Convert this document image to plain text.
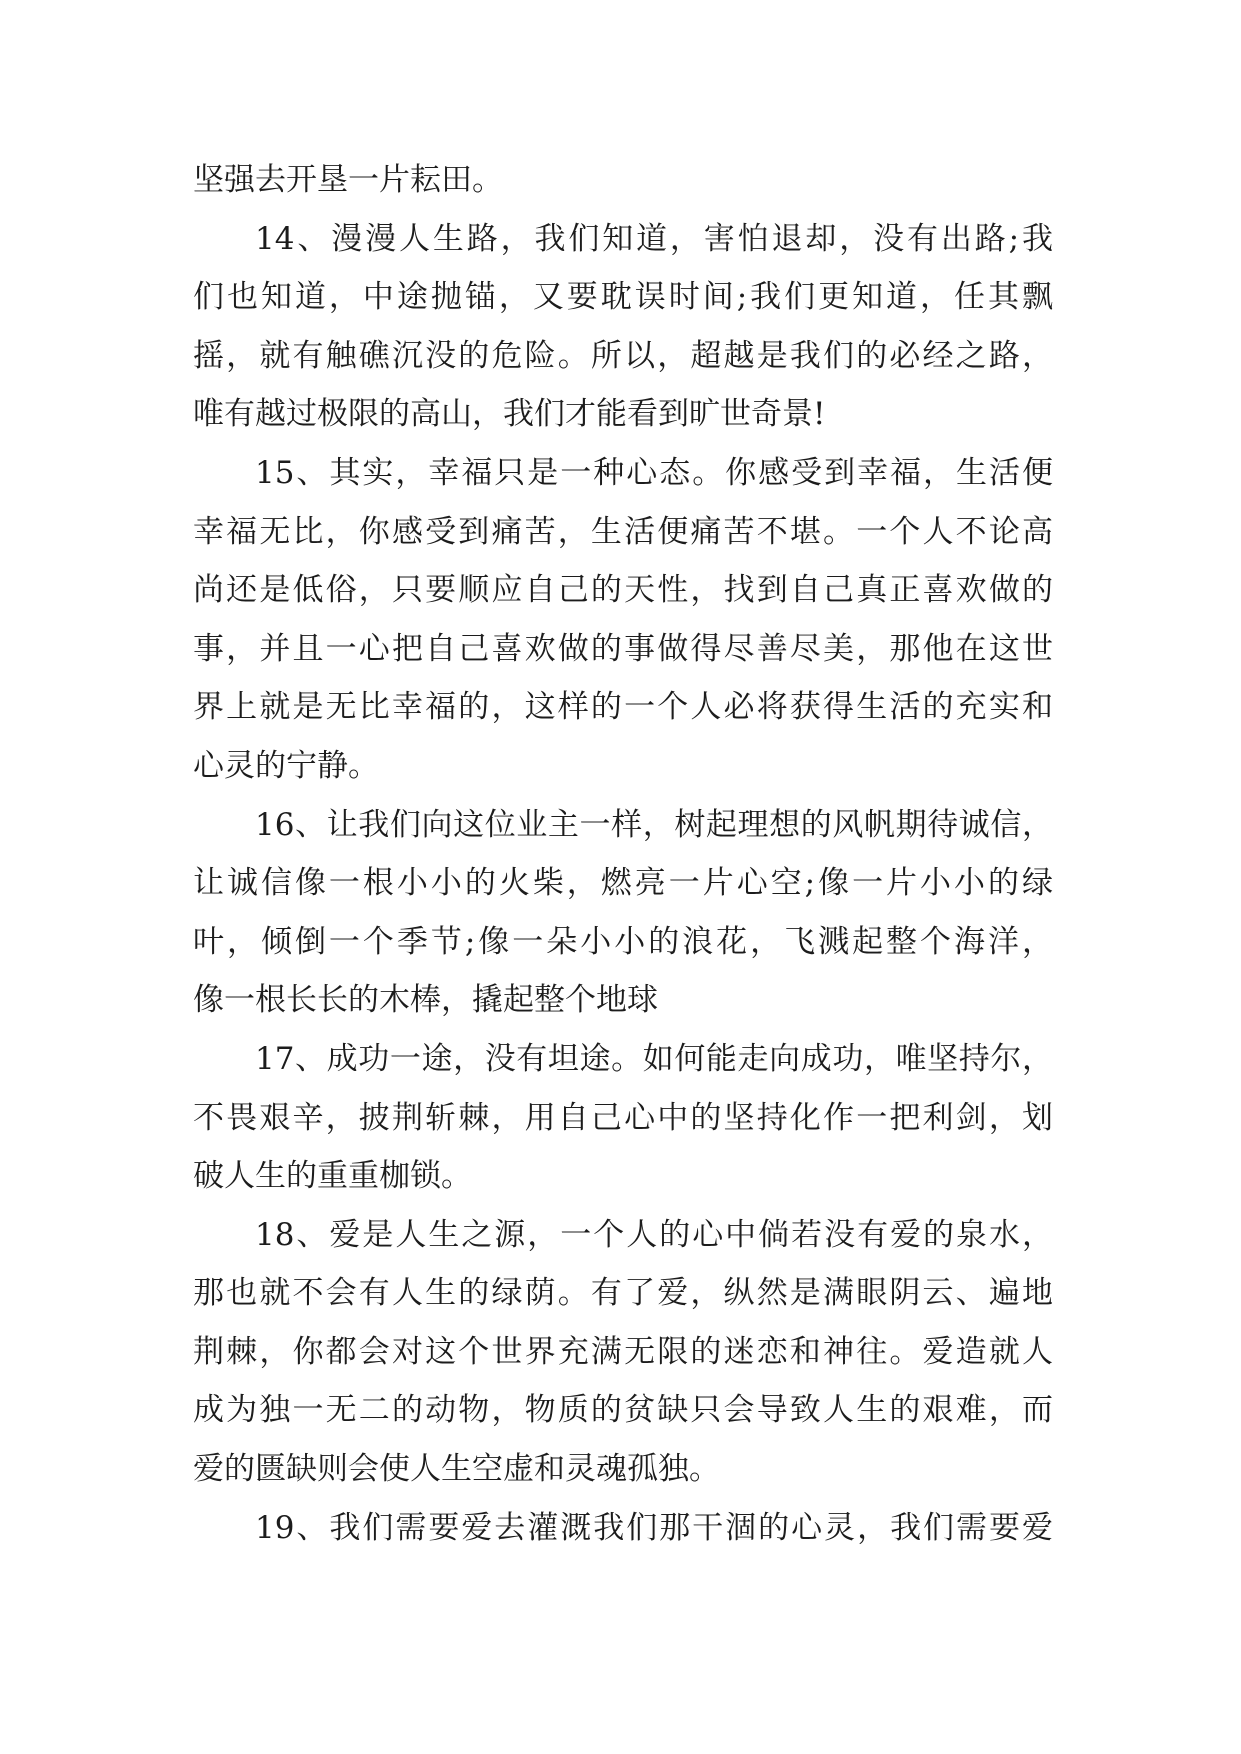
坚强去开垦一片耘田。
14、漫漫人生路，我们知道，害怕退却，没有出路;我
们也知道，中途抛锚，又要耽误时间;我们更知道，任其飘
摇，就有触礁沉没的危险。所以，超越是我们的必经之路，
唯有越过极限的高山，我们才能看到旷世奇景!
15、其实，幸福只是一种心态。你感受到幸福，生活便
幸福无比，你感受到痛苦，生活便痛苦不堪。一个人不论高
尚还是低俗，只要顺应自己的天性，找到自己真正喜欢做的
事，并且一心把自己喜欢做的事做得尽善尽美，那他在这世
界上就是无比幸福的，这样的一个人必将获得生活的充实和
心灵的宁静。
16、让我们向这位业主一样，树起理想的风帆期待诚信，
让诚信像一根小小的火柴，燃亮一片心空;像一片小小的绿
叶，倾倒一个季节;像一朵小小的浪花，飞溅起整个海洋，
像一根长长的木棒，撬起整个地球
17、成功一途，没有坦途。如何能走向成功，唯坚持尔，
不畏艰辛，披荆斩棘，用自己心中的坚持化作一把利剑，划
破人生的重重枷锁。
18、爱是人生之源，一个人的心中倘若没有爱的泉水，
那也就不会有人生的绿荫。有了爱，纵然是满眼阴云、遍地
荆棘，你都会对这个世界充满无限的迷恋和神往。爱造就人
成为独一无二的动物，物质的贫缺只会导致人生的艰难，而
爱的匮缺则会使人生空虚和灵魂孤独。
19、我们需要爱去灌溉我们那干涸的心灵，我们需要爱
